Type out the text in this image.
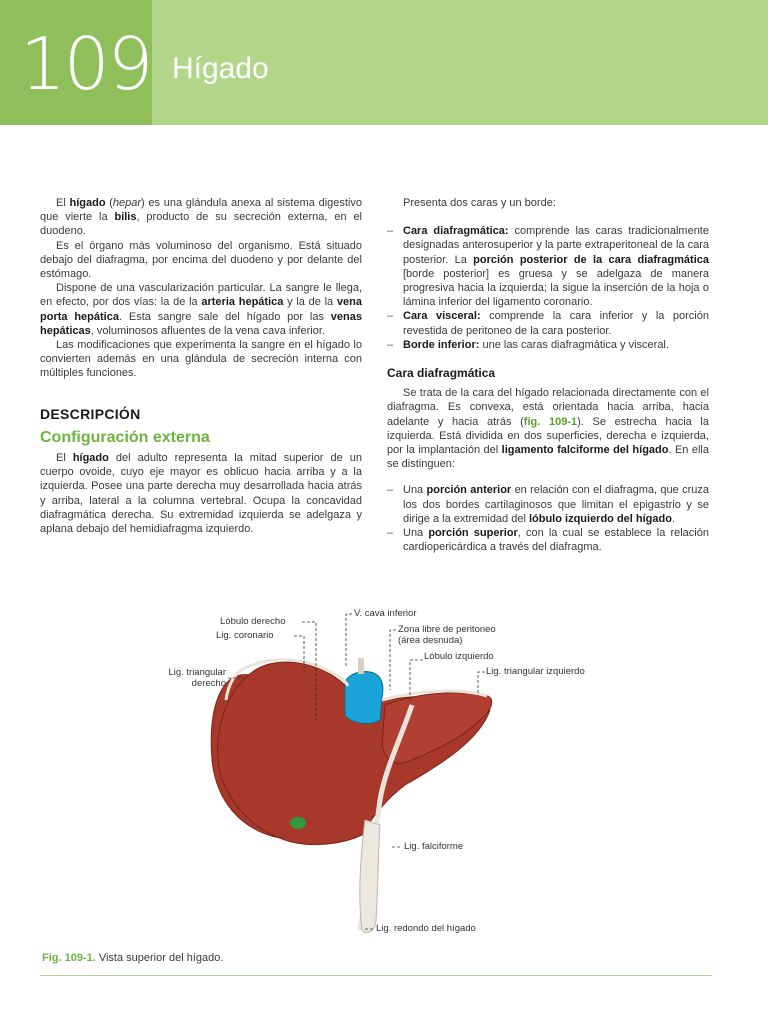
109 Hígado

El hígado (hepar) es una glándula anexa al sistema digestivo que vierte la bilis, producto de su secreción externa, en el duodeno.

Es el órgano más voluminoso del organismo. Está situado debajo del diafragma, por encima del duodeno y por delante del estómago.

Dispone de una vascularización particular. La sangre le llega, en efecto, por dos vías: la de la arteria hepática y la de la vena porta hepática. Esta sangre sale del hígado por las venas hepáticas, voluminosos afluentes de la vena cava inferior.

Las modificaciones que experimenta la sangre en el hígado lo convierten además en una glándula de secreción interna con múltiples funciones.

DESCRIPCIÓN
Configuración externa

El hígado del adulto representa la mitad superior de un cuerpo ovoide, cuyo eje mayor es oblicuo hacia arriba y a la izquierda. Posee una parte derecha muy desarrollada hacia atrás y arriba, lateral a la columna vertebral. Ocupa la concavidad diafragmática derecha. Su extremidad izquierda se adelgaza y aplana debajo del hemidiafragma izquierdo.

Presenta dos caras y un borde:

– Cara diafragmática: comprende las caras tradicionalmente designadas anterosuperior y la parte extraperitoneal de la cara posterior. La porción posterior de la cara diafragmática [borde posterior] es gruesa y se adelgaza de manera progresiva hacia la izquierda; la sigue la inserción de la hoja o lámina inferior del ligamento coronario.
– Cara visceral: comprende la cara inferior y la porción revestida de peritoneo de la cara posterior.
– Borde inferior: une las caras diafragmática y visceral.
Cara diafragmática

Se trata de la cara del hígado relacionada directamente con el diafragma. Es convexa, está orientada hacia arriba, hacia adelante y hacia atrás (fig. 109-1). Se estrecha hacia la izquierda. Está dividida en dos superficies, derecha e izquierda, por la implantación del ligamento falciforme del hígado. En ella se distinguen:

– Una porción anterior en relación con el diafragma, que cruza los dos bordes cartilaginosos que limitan el epigastrio y se dirige a la extremidad del lóbulo izquierdo del hígado.
– Una porción superior, con la cual se establece la relación cardiopericárdica a través del diafragma.
Lóbulo derecho
Lig. coronario
Lig. triangular derecho
V. cava inferior
Zona libre de peritoneo (área desnuda)
Lóbulo izquierdo
Lig. triangular izquierdo
Lig. falciforme
Lig. redondo del hígado
Fig. 109-1. Vista superior del hígado.
